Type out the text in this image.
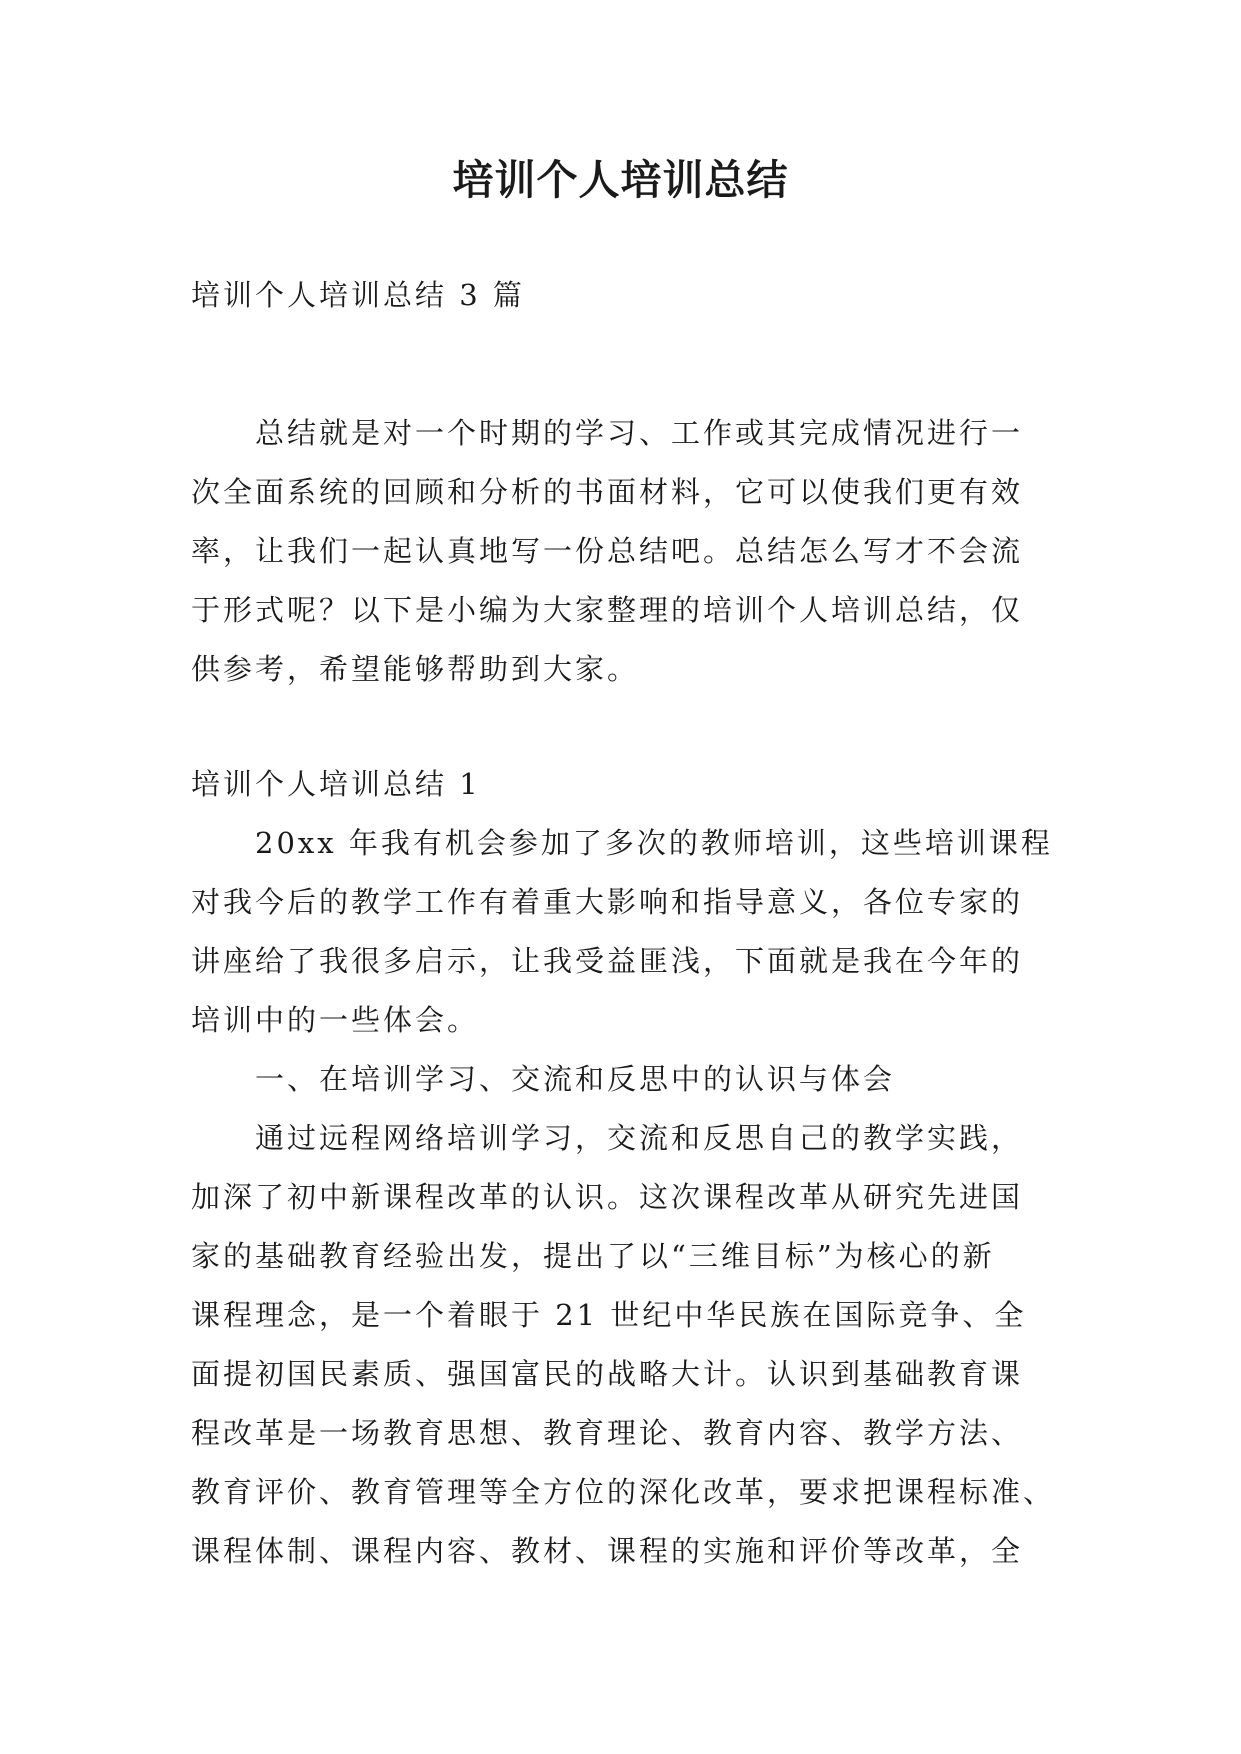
培训个人培训总结
培训个人培训总结 3 篇
　　总结就是对一个时期的学习、工作或其完成情况进行一
次全面系统的回顾和分析的书面材料，它可以使我们更有效
率，让我们一起认真地写一份总结吧。总结怎么写才不会流
于形式呢？以下是小编为大家整理的培训个人培训总结，仅
供参考，希望能够帮助到大家。
培训个人培训总结 1
　　20xx 年我有机会参加了多次的教师培训，这些培训课程
对我今后的教学工作有着重大影响和指导意义，各位专家的
讲座给了我很多启示，让我受益匪浅，下面就是我在今年的
培训中的一些体会。
　　一、在培训学习、交流和反思中的认识与体会
　　通过远程网络培训学习，交流和反思自己的教学实践，
加深了初中新课程改革的认识。这次课程改革从研究先进国
家的基础教育经验出发，提出了以“三维目标”为核心的新
课程理念，是一个着眼于 21 世纪中华民族在国际竞争、全
面提初国民素质、强国富民的战略大计。认识到基础教育课
程改革是一场教育思想、教育理论、教育内容、教学方法、
教育评价、教育管理等全方位的深化改革，要求把课程标准、
课程体制、课程内容、教材、课程的实施和评价等改革，全
